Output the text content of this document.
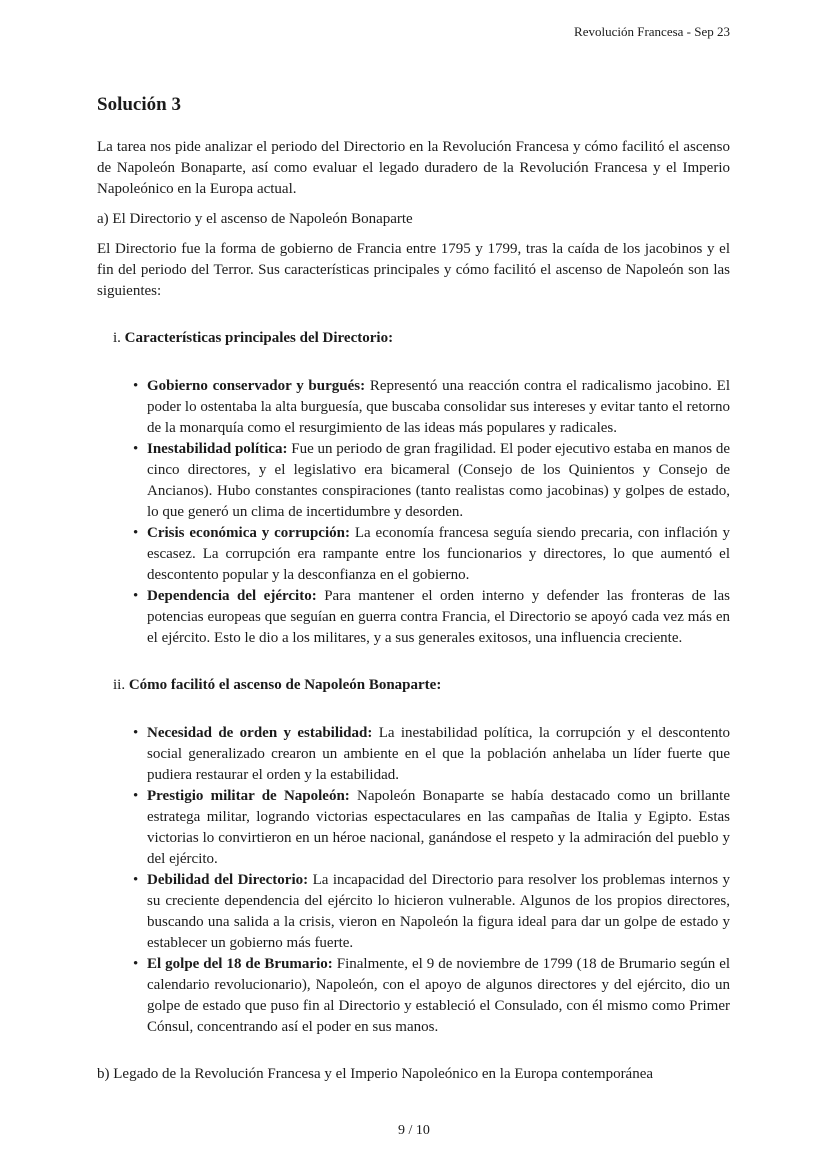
Revolución Francesa - Sep 23
Solución 3

La tarea nos pide analizar el periodo del Directorio en la Revolución Francesa y cómo facilitó el ascenso de Napoleón Bonaparte, así como evaluar el legado duradero de la Revolución Francesa y el Imperio Napoleónico en la Europa actual.

a) El Directorio y el ascenso de Napoleón Bonaparte

El Directorio fue la forma de gobierno de Francia entre 1795 y 1799, tras la caída de los jacobinos y el fin del periodo del Terror. Sus características principales y cómo facilitó el ascenso de Napoleón son las siguientes:

i. Características principales del Directorio:
• Gobierno conservador y burgués: Representó una reacción contra el radicalismo jacobino. El poder lo ostentaba la alta burguesía, que buscaba consolidar sus intereses y evitar tanto el retorno de la monarquía como el resurgimiento de las ideas más populares y radicales.
• Inestabilidad política: Fue un periodo de gran fragilidad. El poder ejecutivo estaba en manos de cinco directores, y el legislativo era bicameral (Consejo de los Quinientos y Consejo de Ancianos). Hubo constantes conspiraciones (tanto realistas como jacobinas) y golpes de estado, lo que generó un clima de incertidumbre y desorden.
• Crisis económica y corrupción: La economía francesa seguía siendo precaria, con inflación y escasez. La corrupción era rampante entre los funcionarios y directores, lo que aumentó el descontento popular y la desconfianza en el gobierno.
• Dependencia del ejército: Para mantener el orden interno y defender las fronteras de las potencias europeas que seguían en guerra contra Francia, el Directorio se apoyó cada vez más en el ejército. Esto le dio a los militares, y a sus generales exitosos, una influencia creciente.
ii. Cómo facilitó el ascenso de Napoleón Bonaparte:
• Necesidad de orden y estabilidad: La inestabilidad política, la corrupción y el descontento social generalizado crearon un ambiente en el que la población anhelaba un líder fuerte que pudiera restaurar el orden y la estabilidad.
• Prestigio militar de Napoleón: Napoleón Bonaparte se había destacado como un brillante estratega militar, logrando victorias espectaculares en las campañas de Italia y Egipto. Estas victorias lo convirtieron en un héroe nacional, ganándose el respeto y la admiración del pueblo y del ejército.
• Debilidad del Directorio: La incapacidad del Directorio para resolver los problemas internos y su creciente dependencia del ejército lo hicieron vulnerable. Algunos de los propios directores, buscando una salida a la crisis, vieron en Napoleón la figura ideal para dar un golpe de estado y establecer un gobierno más fuerte.
• El golpe del 18 de Brumario: Finalmente, el 9 de noviembre de 1799 (18 de Brumario según el calendario revolucionario), Napoleón, con el apoyo de algunos directores y del ejército, dio un golpe de estado que puso fin al Directorio y estableció el Consulado, con él mismo como Primer Cónsul, concentrando así el poder en sus manos.

b) Legado de la Revolución Francesa y el Imperio Napoleónico en la Europa contemporánea

9 / 10
